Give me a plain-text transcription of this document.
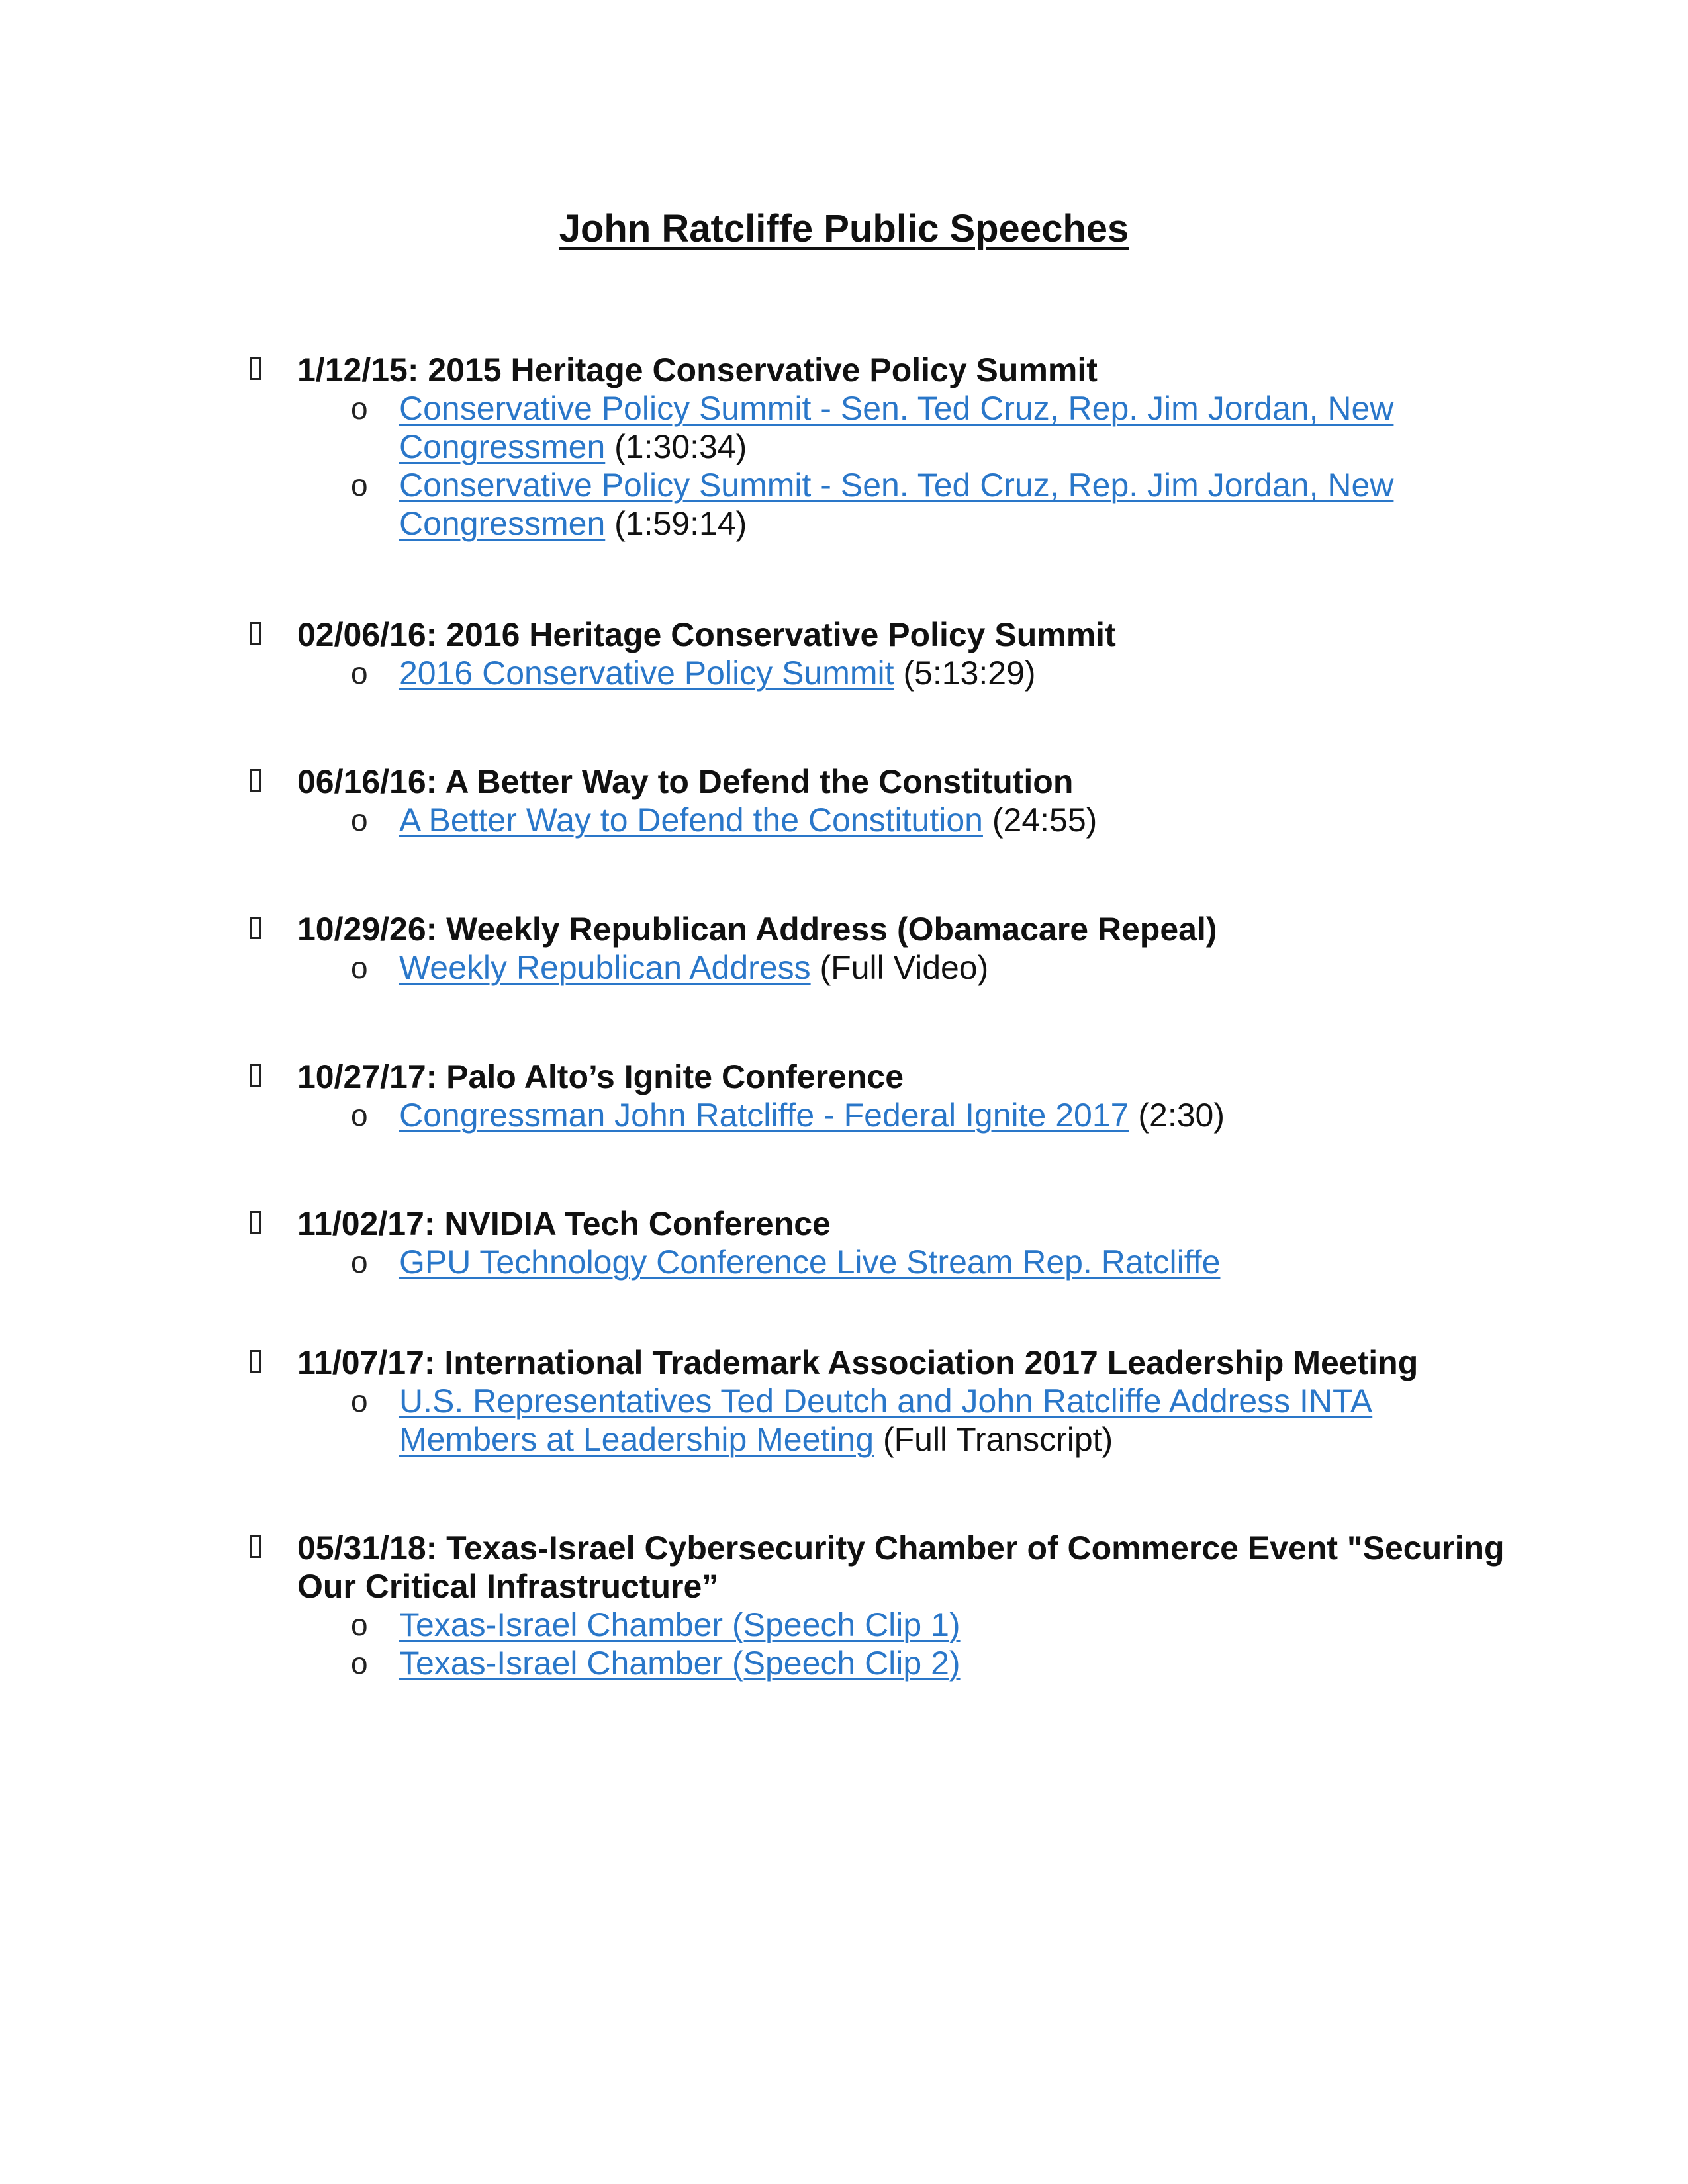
John Ratcliffe Public Speeches
1/12/15: 2015 Heritage Conservative Policy Summit
o Conservative Policy Summit - Sen. Ted Cruz, Rep. Jim Jordan, New Congressmen (1:30:34)
o Conservative Policy Summit - Sen. Ted Cruz, Rep. Jim Jordan, New Congressmen (1:59:14)
02/06/16: 2016 Heritage Conservative Policy Summit
o 2016 Conservative Policy Summit (5:13:29)
06/16/16: A Better Way to Defend the Constitution
o A Better Way to Defend the Constitution (24:55)
10/29/26: Weekly Republican Address (Obamacare Repeal)
o Weekly Republican Address (Full Video)
10/27/17: Palo Alto’s Ignite Conference
o Congressman John Ratcliffe - Federal Ignite 2017 (2:30)
11/02/17: NVIDIA Tech Conference
o GPU Technology Conference Live Stream Rep. Ratcliffe
11/07/17: International Trademark Association 2017 Leadership Meeting
o U.S. Representatives Ted Deutch and John Ratcliffe Address INTA Members at Leadership Meeting (Full Transcript)
05/31/18: Texas-Israel Cybersecurity Chamber of Commerce Event "Securing Our Critical Infrastructure”
o Texas-Israel Chamber (Speech Clip 1)
o Texas-Israel Chamber (Speech Clip 2)
